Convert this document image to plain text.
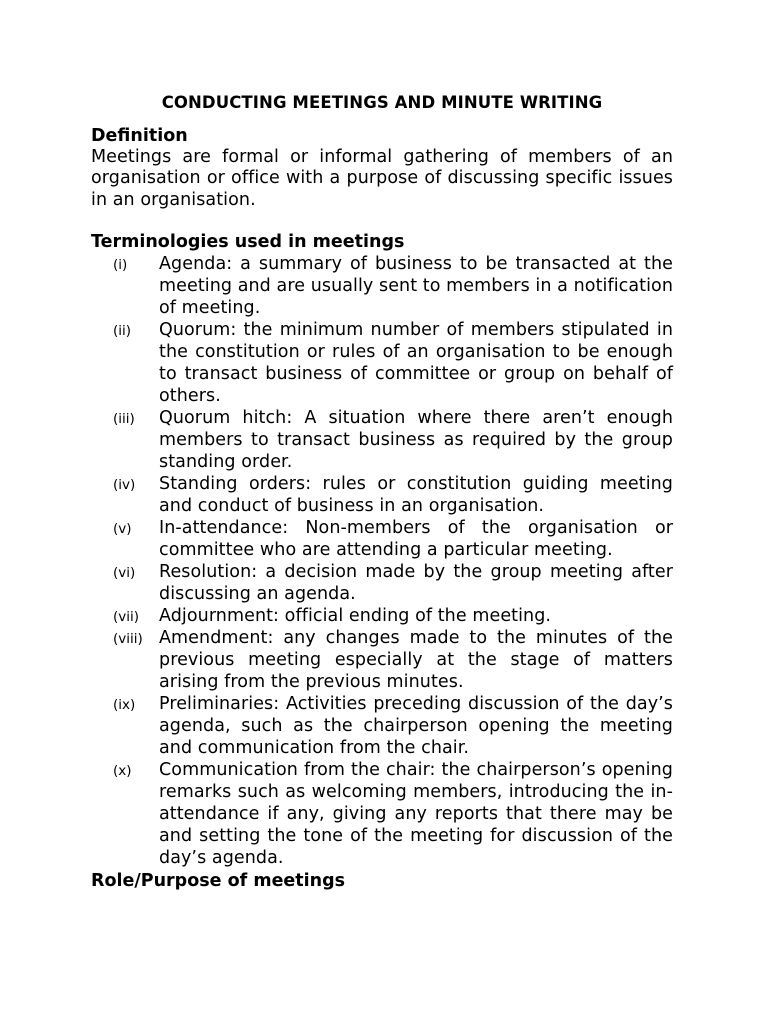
CONDUCTING MEETINGS AND MINUTE WRITING
Definition

Meetings are formal or informal gathering of members of an organisation or office with a purpose of discussing specific issues in an organisation.

Terminologies used in meetings
(i) Agenda: a summary of business to be transacted at the meeting and are usually sent to members in a notification of meeting.
(ii) Quorum: the minimum number of members stipulated in the constitution or rules of an organisation to be enough to transact business of committee or group on behalf of others.
(iii) Quorum hitch: A situation where there aren’t enough members to transact business as required by the group standing order.
(iv) Standing orders: rules or constitution guiding meeting and conduct of business in an organisation.
(v) In-attendance: Non-members of the organisation or committee who are attending a particular meeting.
(vi) Resolution: a decision made by the group meeting after discussing an agenda.
(vii) Adjournment: official ending of the meeting.
(viii) Amendment: any changes made to the minutes of the previous meeting especially at the stage of matters arising from the previous minutes.
(ix) Preliminaries: Activities preceding discussion of the day’s agenda, such as the chairperson opening the meeting and communication from the chair.
(x) Communication from the chair: the chairperson’s opening remarks such as welcoming members, introducing the in-attendance if any, giving any reports that there may be and setting the tone of the meeting for discussion of the day’s agenda.
Role/Purpose of meetings
